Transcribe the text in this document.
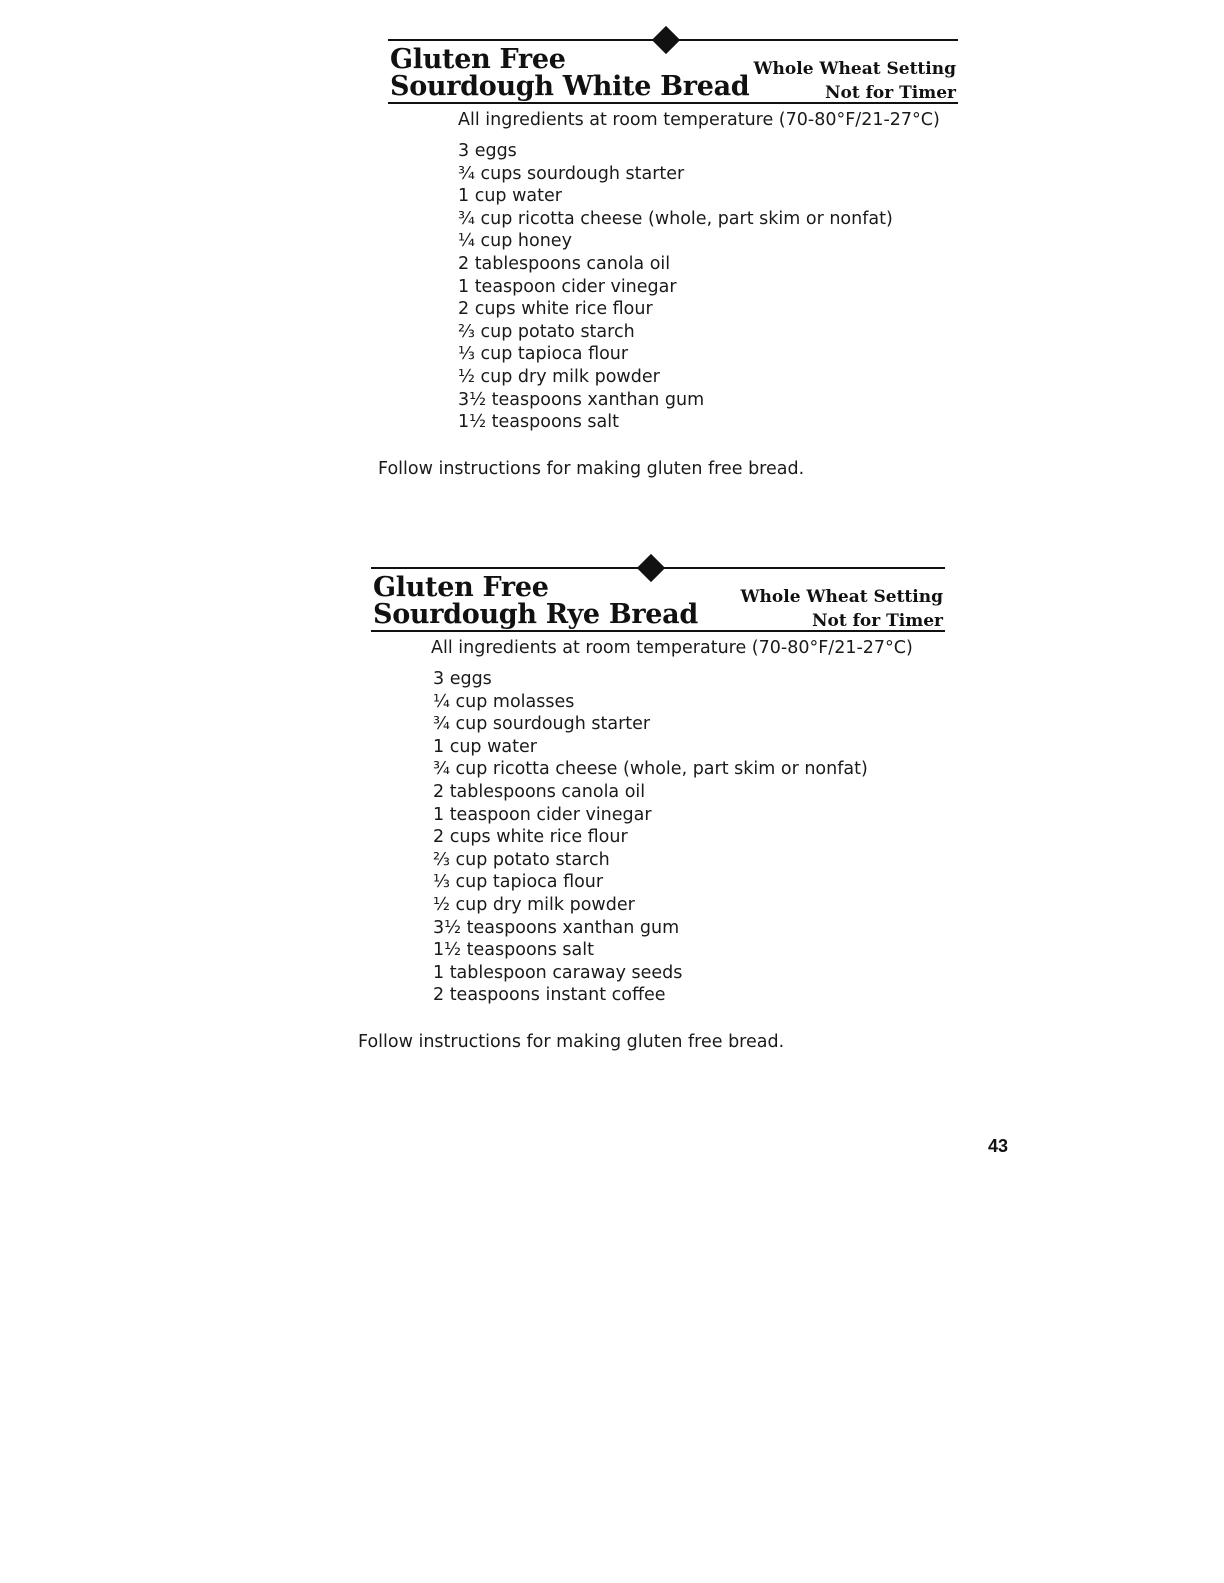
Gluten Free
Sourdough White Bread
Whole Wheat Setting
Not for Timer
All ingredients at room temperature (70-80°F/21-27°C)
3 eggs
¾ cups sourdough starter
1 cup water
¾ cup ricotta cheese (whole, part skim or nonfat)
¼ cup honey
2 tablespoons canola oil
1 teaspoon cider vinegar
2 cups white rice flour
⅔ cup potato starch
⅓ cup tapioca flour
½ cup dry milk powder
3½ teaspoons xanthan gum
1½ teaspoons salt
Follow instructions for making gluten free bread.
Gluten Free
Sourdough Rye Bread
Whole Wheat Setting
Not for Timer
All ingredients at room temperature (70-80°F/21-27°C)
3 eggs
¼ cup molasses
¾ cup sourdough starter
1 cup water
¾ cup ricotta cheese (whole, part skim or nonfat)
2 tablespoons canola oil
1 teaspoon cider vinegar
2 cups white rice flour
⅔ cup potato starch
⅓ cup tapioca flour
½ cup dry milk powder
3½ teaspoons xanthan gum
1½ teaspoons salt
1 tablespoon caraway seeds
2 teaspoons instant coffee
Follow instructions for making gluten free bread.
43
